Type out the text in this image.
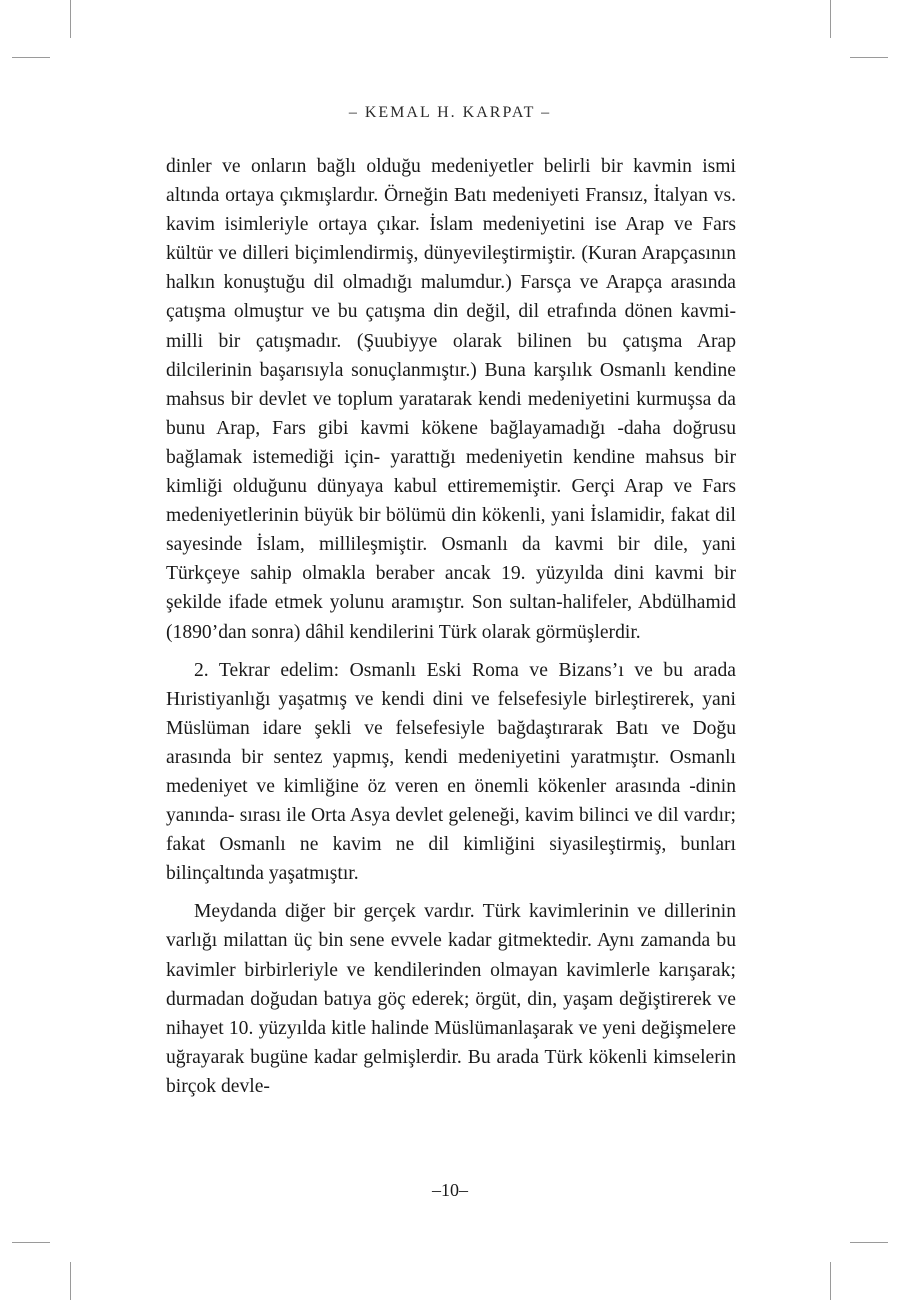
– KEMAL H. KARPAT –

dinler ve onların bağlı olduğu medeniyetler belirli bir kavmin ismi altında ortaya çıkmışlardır. Örneğin Batı medeniyeti Fransız, İtalyan vs. kavim isimleriyle ortaya çıkar. İslam medeniyetini ise Arap ve Fars kültür ve dilleri biçimlendirmiş, dünyevileştirmiştir. (Kuran Arapçasının halkın konuştuğu dil olmadığı malumdur.) Farsça ve Arapça arasında çatışma olmuştur ve bu çatışma din değil, dil etrafında dönen kavmi-milli bir çatışmadır. (Şuubiyye olarak bilinen bu çatışma Arap dilcilerinin başarısıyla sonuçlanmıştır.) Buna karşılık Osmanlı kendine mahsus bir devlet ve toplum yaratarak kendi medeniyetini kurmuşsa da bunu Arap, Fars gibi kavmi kökene bağlayamadığı -daha doğrusu bağlamak istemediği için- yarattığı medeniyetin kendine mahsus bir kimliği olduğunu dünyaya kabul ettirememiştir. Gerçi Arap ve Fars medeniyetlerinin büyük bir bölümü din kökenli, yani İslamidir, fakat dil sayesinde İslam, millileşmiştir. Osmanlı da kavmi bir dile, yani Türkçeye sahip olmakla beraber ancak 19. yüzyılda dini kavmi bir şekilde ifade etmek yolunu aramıştır. Son sultan-halifeler, Abdülhamid (1890’dan sonra) dâhil kendilerini Türk olarak görmüşlerdir.

2. Tekrar edelim: Osmanlı Eski Roma ve Bizans’ı ve bu arada Hıristiyanlığı yaşatmış ve kendi dini ve felsefesiyle birleştirerek, yani Müslüman idare şekli ve felsefesiyle bağdaştırarak Batı ve Doğu arasında bir sentez yapmış, kendi medeniyetini yaratmıştır. Osmanlı medeniyet ve kimliğine öz veren en önemli kökenler arasında -dinin yanında- sırası ile Orta Asya devlet geleneği, kavim bilinci ve dil vardır; fakat Osmanlı ne kavim ne dil kimliğini siyasileştirmiş, bunları bilinçaltında yaşatmıştır.

Meydanda diğer bir gerçek vardır. Türk kavimlerinin ve dillerinin varlığı milattan üç bin sene evvele kadar gitmektedir. Aynı zamanda bu kavimler birbirleriyle ve kendilerinden olmayan kavimlerle karışarak; durmadan doğudan batıya göç ederek; örgüt, din, yaşam değiştirerek ve nihayet 10. yüzyılda kitle halinde Müslümanlaşarak ve yeni değişmelere uğrayarak bugüne kadar gelmişlerdir. Bu arada Türk kökenli kimselerin birçok devle-

–10–
